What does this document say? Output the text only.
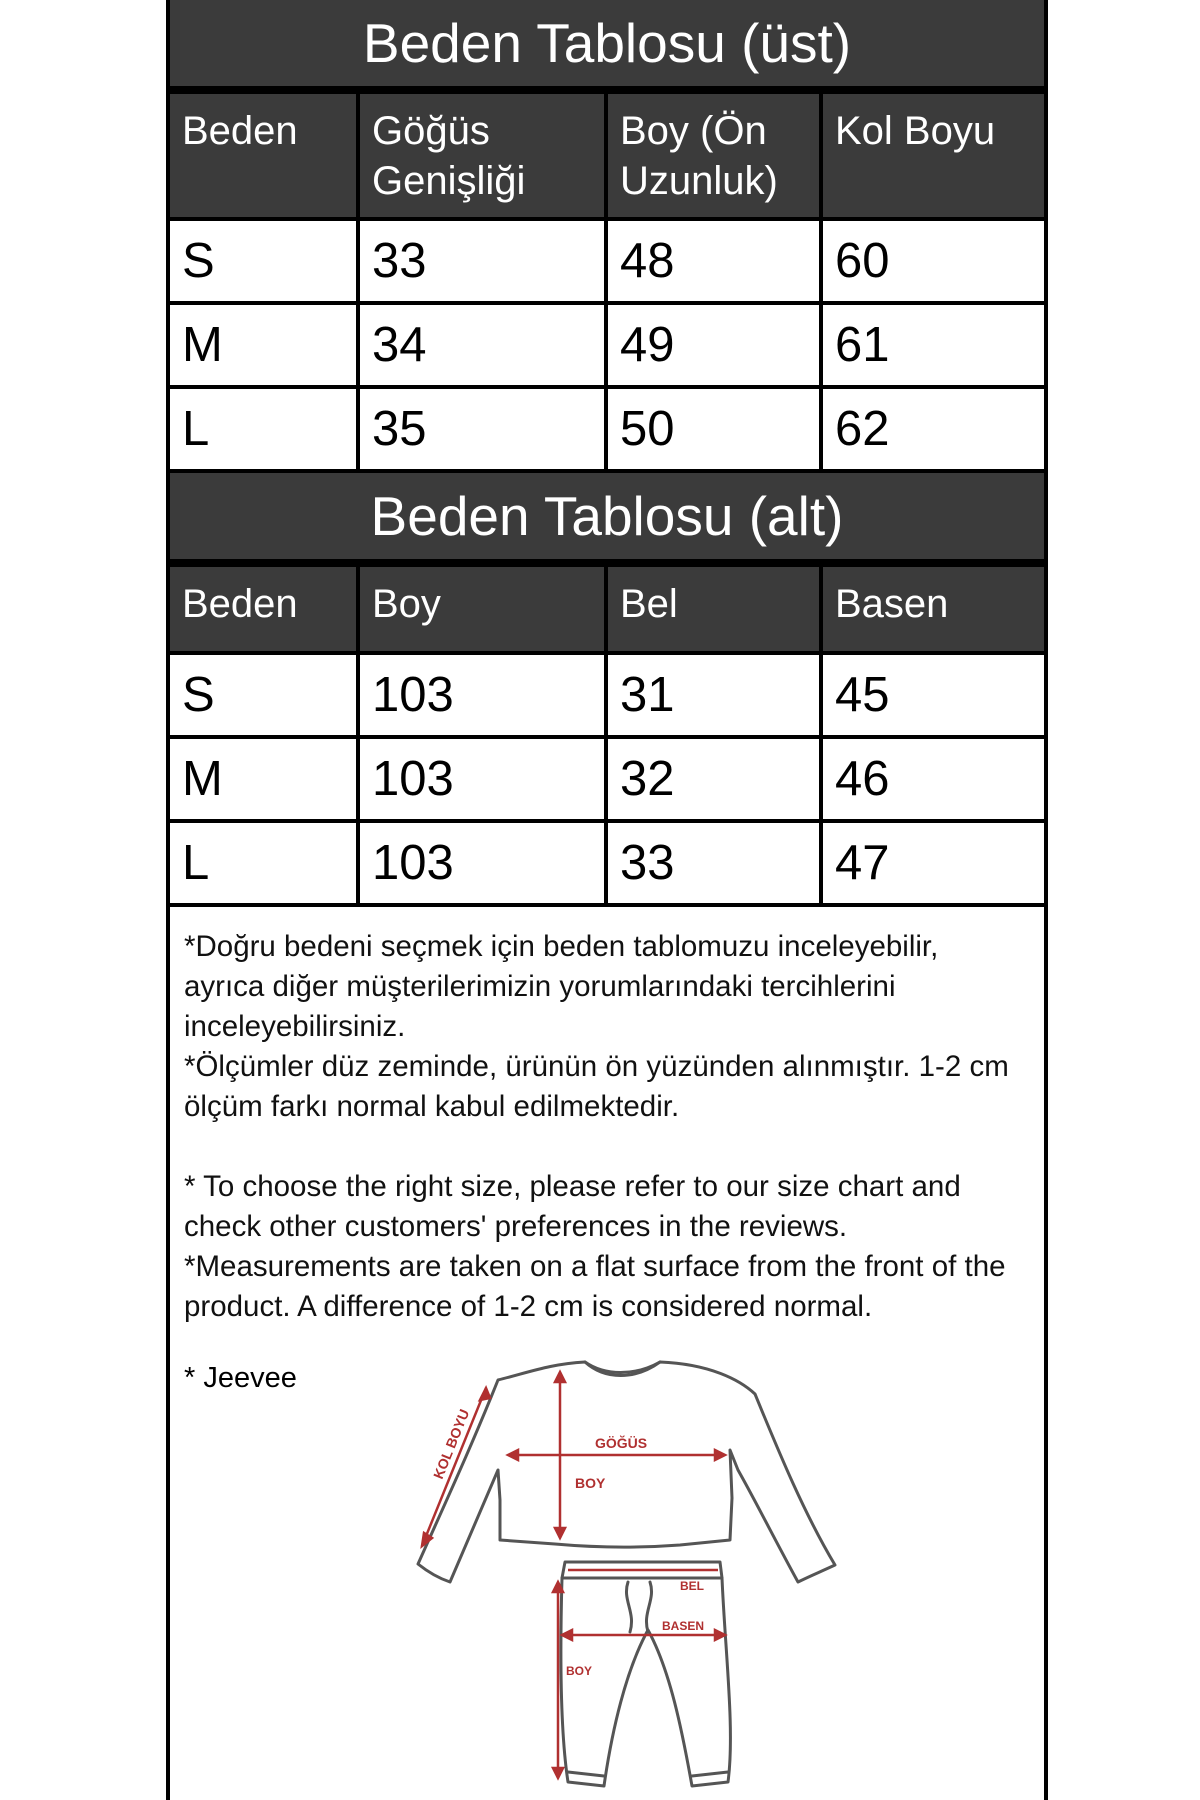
Beden Tablosu (üst)
Beden	Göğüs Genişliği	Boy (Ön Uzunluk)	Kol Boyu
S	33	48	60
M	34	49	61
L	35	50	62
Beden Tablosu (alt)
Beden	Boy	Bel	Basen
S	103	31	45
M	103	32	46
L	103	33	47

*Doğru bedeni seçmek için beden tablomuzu inceleyebilir, ayrıca diğer müşterilerimizin yorumlarındaki tercihlerini inceleyebilirsiniz.

*Ölçümler düz zeminde, ürünün ön yüzünden alınmıştır. 1-2 cm ölçüm farkı normal kabul edilmektedir.

* To choose the right size, please refer to our size chart and check other customers' preferences in the reviews.

*Measurements are taken on a flat surface from the front of the product. A difference of 1-2 cm is considered normal.

* Jeevee
KOL BOYU	GÖĞÜS
BOY
BEL
BASEN
BOY
